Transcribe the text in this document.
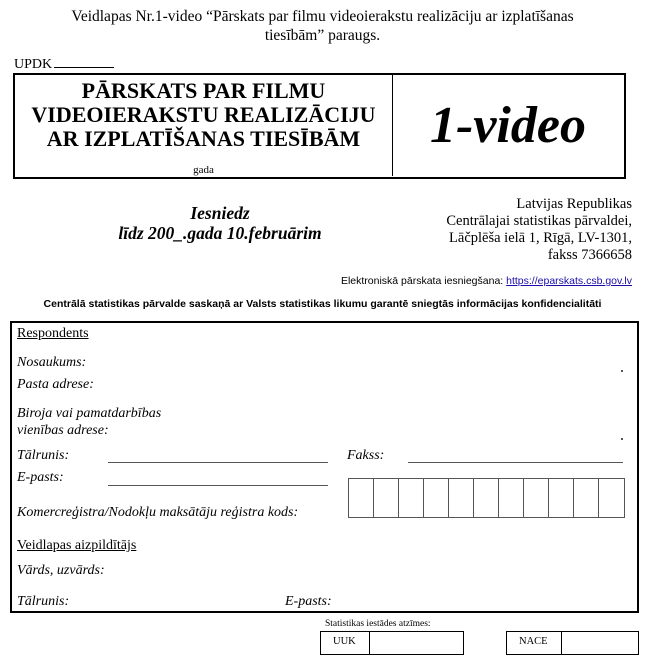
Veidlapas Nr.1-video “Pārskats par filmu videoierakstu realizāciju ar izplatīšanas
tiesībām” paraugs.
UPDK
PĀRSKATS PAR FILMU
VIDEOIERAKSTU REALIZĀCIJU
AR IZPLATĪŠANAS TIESĪBĀM
gada
1-video
Iesniedz
līdz 200_.gada 10.februārim
Latvijas Republikas
Centrālajai statistikas pārvaldei,
Lāčplēša ielā 1, Rīgā, LV-1301,
fakss 7366658
Elektroniskā pārskata iesniegšana: https://eparskats.csb.gov.lv
Centrālā statistikas pārvalde saskaņā ar Valsts statistikas likumu garantē sniegtās informācijas konfidencialitāti
Respondents
Nosaukums:
Pasta adrese:
Biroja vai pamatdarbības
vienības adrese:
Tālrunis:	Fakss:
E-pasts:
Komercreģistra/Nodokļu maksātāju reģistra kods:
Veidlapas aizpildītājs
Vārds, uzvārds:
Tālrunis:	E-pasts:
Statistikas iestādes atzīmes:
UUK	NACE
